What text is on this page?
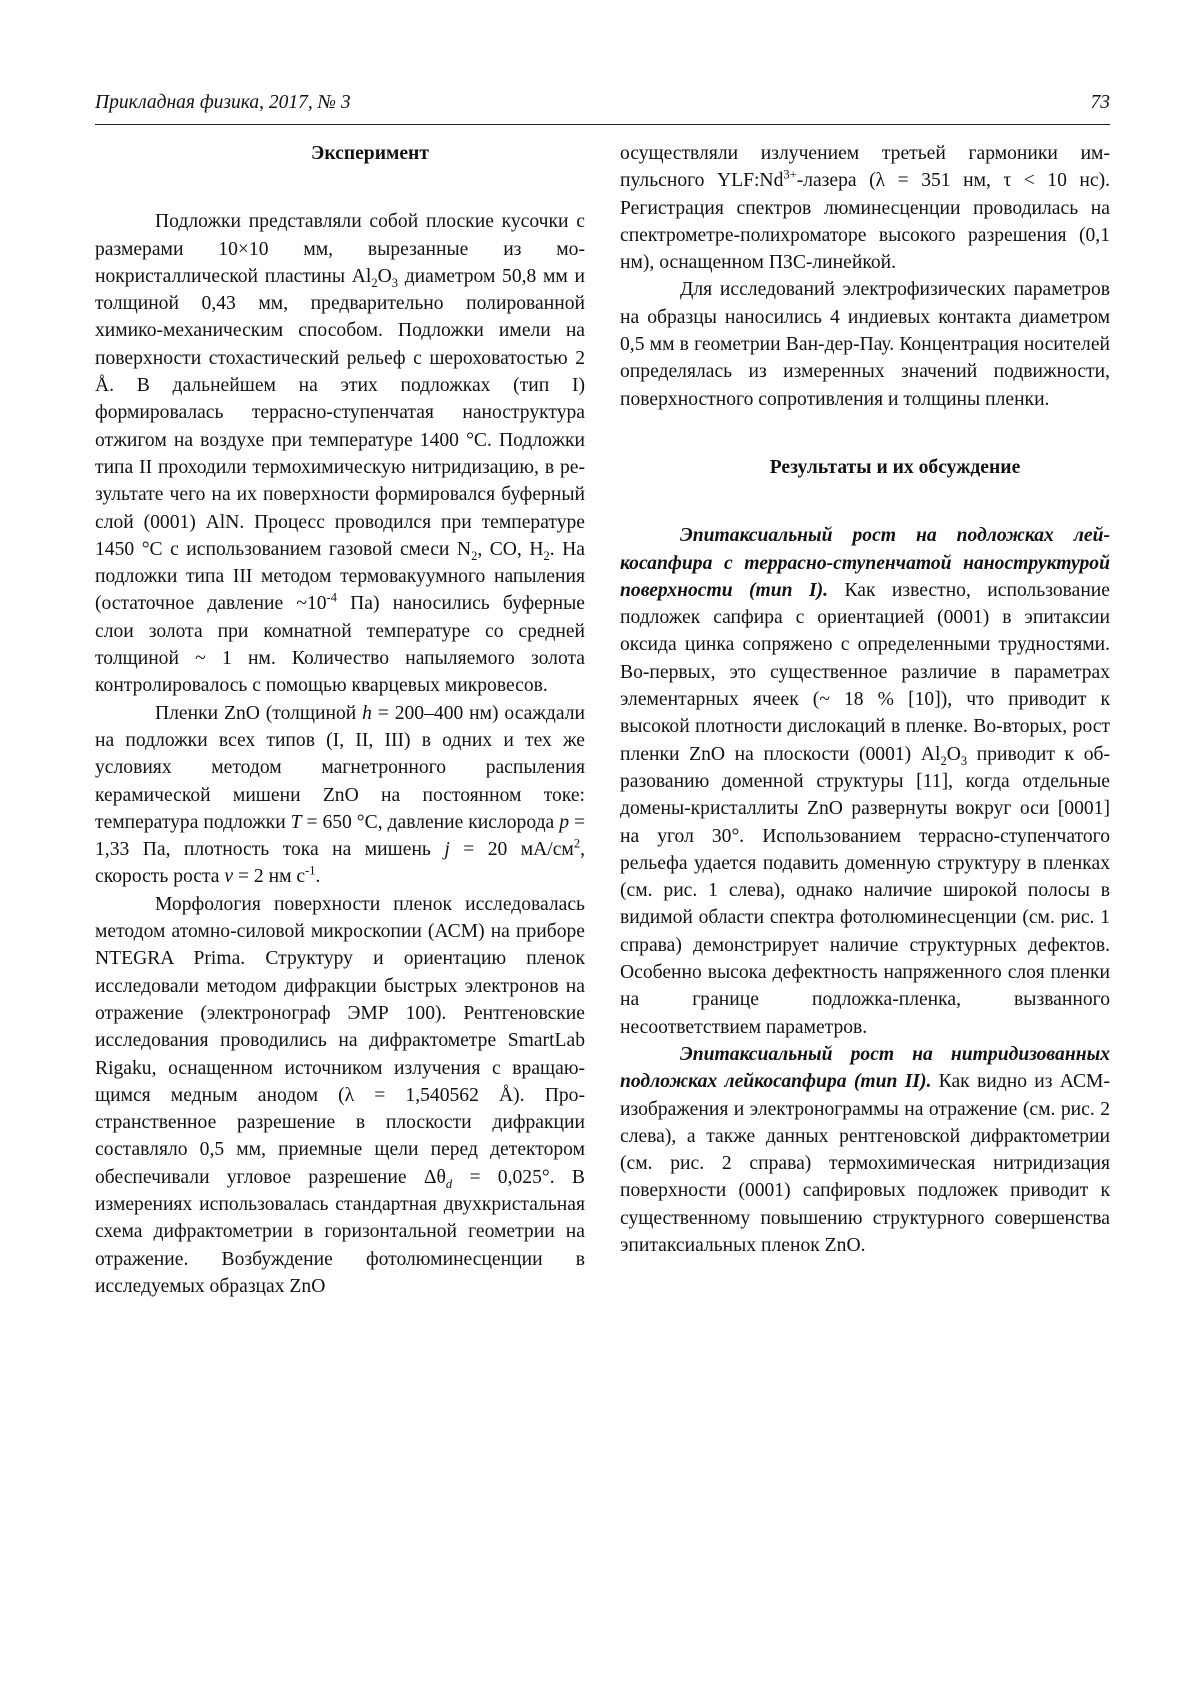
Прикладная физика, 2017, № 3	73

Эксперимент

Подложки представляли собой плоские кусочки с размерами 10×10 мм, вырезанные из монокристаллической пластины $Al_2O_3$ диаметром 50,8 мм и толщиной 0,43 мм, предварительно полированной химико-механическим способом. Подложки имели на поверхности стохастический рельеф с шероховатостью 2 Å. В дальнейшем на этих подложках (тип I) формировалась террасно-ступенчатая наноструктура отжигом на воздухе при температуре 1400 °C. Подложки типа II проходили термохимическую нитридизацию, в результате чего на их поверхности формировался буферный слой (0001) AlN. Процесс проводился при температуре 1450 °C с использованием газовой смеси $N_2$, CO, $H_2$. На подложки типа III методом термовакуумного напыления (остаточное давление $\sim 10^{-4}$ Па) наносились буферные слои золота при комнатной температуре со средней толщиной ~ 1 нм. Количество напыляемого золота контролировалось с помощью кварцевых микровесов.

Пленки ZnO (толщиной h = 200–400 нм) осаждали на подложки всех типов (I, II, III) в одних и тех же условиях методом магнетронного распыления керамической мишени ZnO на постоянном токе: температура подложки T = 650 °C, давление кислорода p = 1,33 Па, плотность тока на мишень j = 20 $мА/см^2$, скорость роста v = 2 нм $с^{-1}$.

Морфология поверхности пленок исследовалась методом атомно-силовой микроскопии (АСМ) на приборе NTEGRA Prima. Структуру и ориентацию пленок исследовали методом дифракции быстрых электронов на отражение (электронограф ЭМР 100). Рентгеновские исследования проводились на дифрактометре SmartLab Rigaku, оснащенном источником излучения с вращающимся медным анодом (λ = 1,540562 Å). Пространственное разрешение в плоскости дифракции составляло 0,5 мм, приемные щели перед детектором обеспечивали угловое разрешение $\Delta\theta_d = 0,025^\circ$. В измерениях использовалась стандартная двухкристальная схема дифрактометрии в горизонтальной геометрии на отражение. Возбуждение фотолюминесценции в исследуемых образцах ZnO

осуществляли излучением третьей гармоники импульсного $YLF:Nd^{3+}$-лазера (λ = 351 нм, τ < 10 нс). Регистрация спектров люминесценции проводилась на спектрометре-полихроматоре высокого разрешения (0,1 нм), оснащенном ПЗС-линейкой.

Для исследований электрофизических параметров на образцы наносились 4 индиевых контакта диаметром 0,5 мм в геометрии Ван-дер-Пау. Концентрация носителей определялась из измеренных значений подвижности, поверхностного сопротивления и толщины пленки.

Результаты и их обсуждение

Эпитаксиальный рост на подложках лейкосапфира с террасно-ступенчатой наноструктурой поверхности (тип I). Как известно, использование подложек сапфира с ориентацией (0001) в эпитаксии оксида цинка сопряжено с определенными трудностями. Во-первых, это существенное различие в параметрах элементарных ячеек (~ 18 % [10]), что приводит к высокой плотности дислокаций в пленке. Во-вторых, рост пленки ZnO на плоскости (0001) $Al_2O_3$ приводит к образованию доменной структуры [11], когда отдельные домены-кристаллиты ZnO развернуты вокруг оси [0001] на угол 30°. Использованием террасно-ступенчатого рельефа удается подавить доменную структуру в пленках (см. рис. 1 слева), однако наличие широкой полосы в видимой области спектра фотолюминесценции (см. рис. 1 справа) демонстрирует наличие структурных дефектов. Особенно высока дефектность напряженного слоя пленки на границе подложка-пленка, вызванного несоответствием параметров.

Эпитаксиальный рост на нитридизованных подложках лейкосапфира (тип II). Как видно из АСМ-изображения и электронограммы на отражение (см. рис. 2 слева), а также данных рентгеновской дифрактометрии (см. рис. 2 справа) термохимическая нитридизация поверхности (0001) сапфировых подложек приводит к существенному повышению структурного совершенства эпитаксиальных пленок ZnO.
